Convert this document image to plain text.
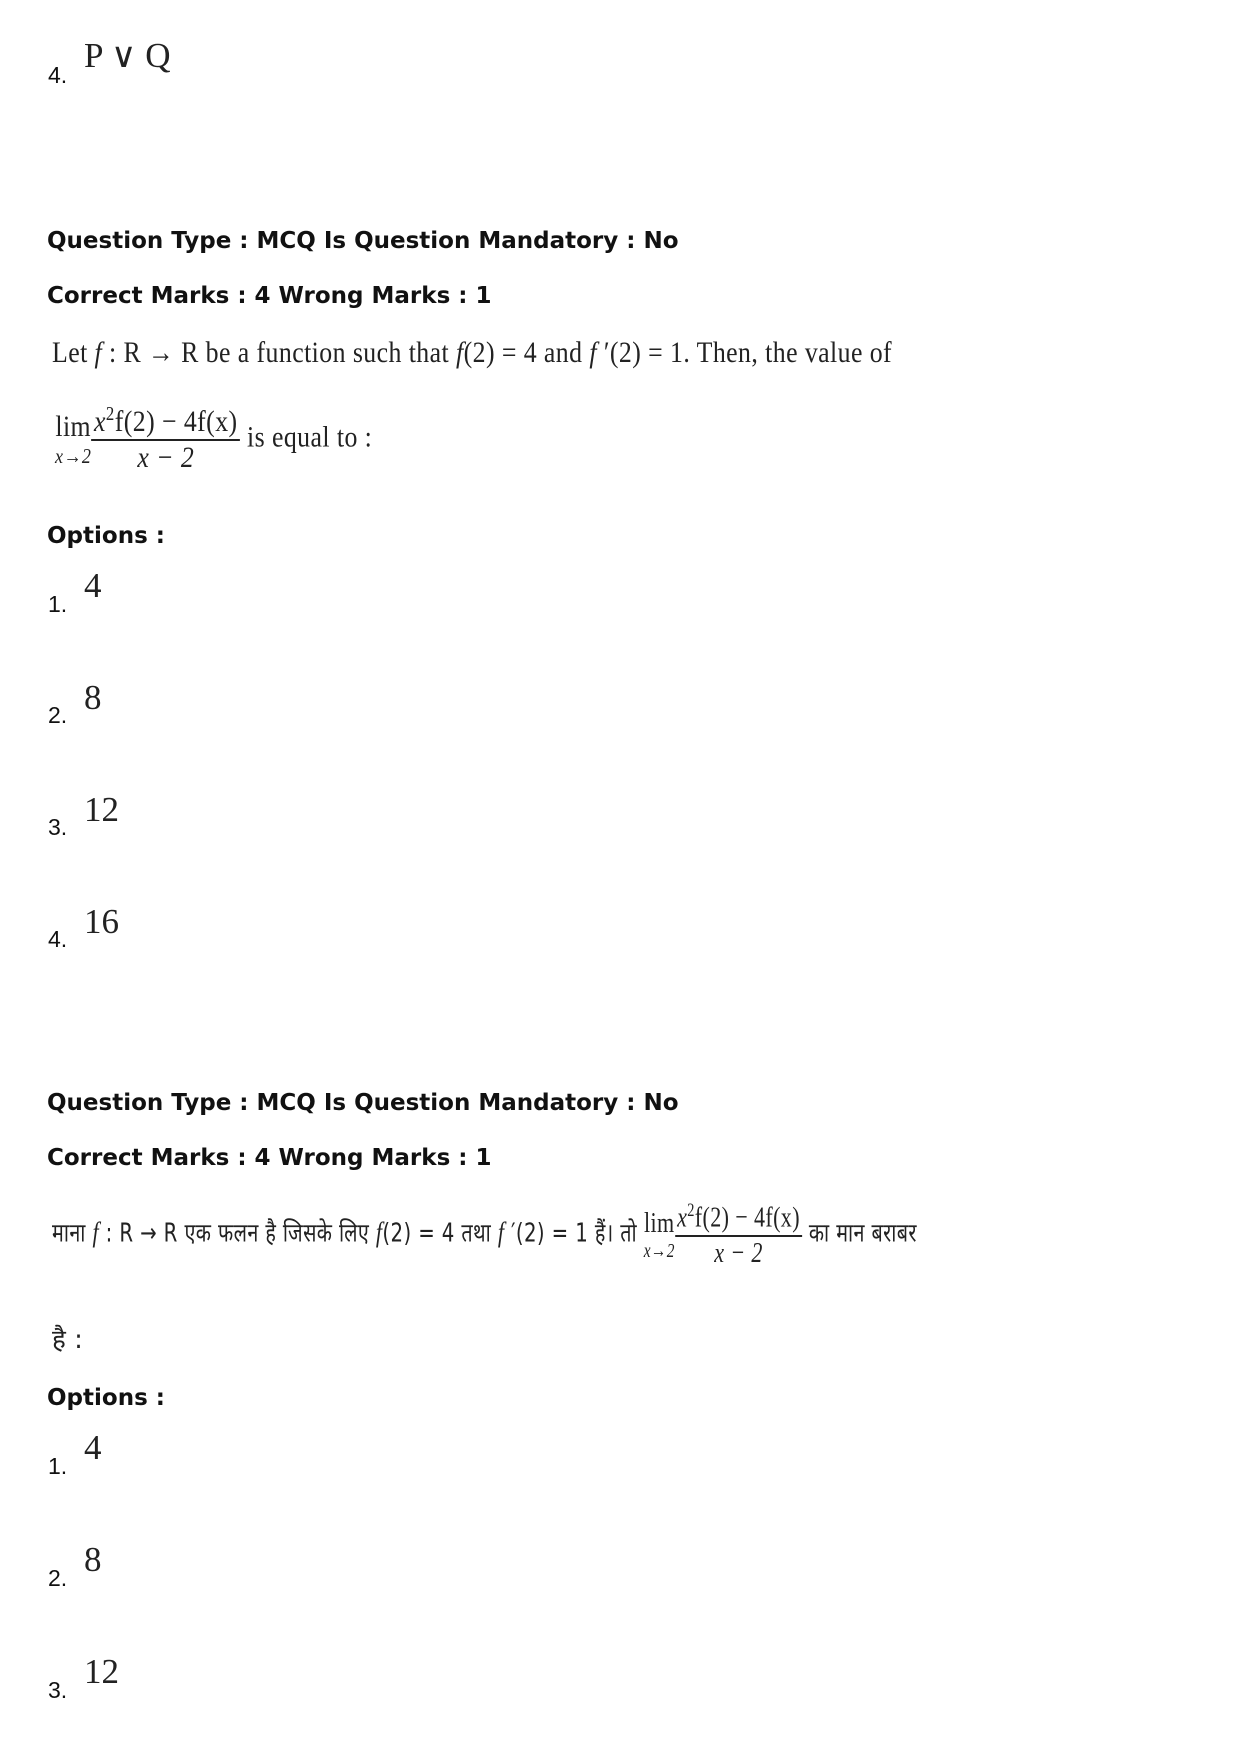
4. P ∨ Q
Question Type : MCQ Is Question Mandatory : No
Correct Marks : 4 Wrong Marks : 1
Let f : R → R be a function such that f(2) = 4 and f ′(2) = 1. Then, the value of
lim
$x\to 2 \frac{x^2f(2) - 4f(x)}{x - 2}$ is equal to :
Options :
1. 4
2. 8
3. 12
4. 16
Question Type : MCQ Is Question Mandatory : No
Correct Marks : 4 Wrong Marks : 1
माना f : R → R एक फलन है जिसके लिए f(2) = 4 तथा f ′(2) = 1 हैं। तो lim
$x\to 2 \frac{x^2f(2) - 4f(x)}{x - 2}$ का मान बराबर
है :
Options :
1. 4
2. 8
3. 12
